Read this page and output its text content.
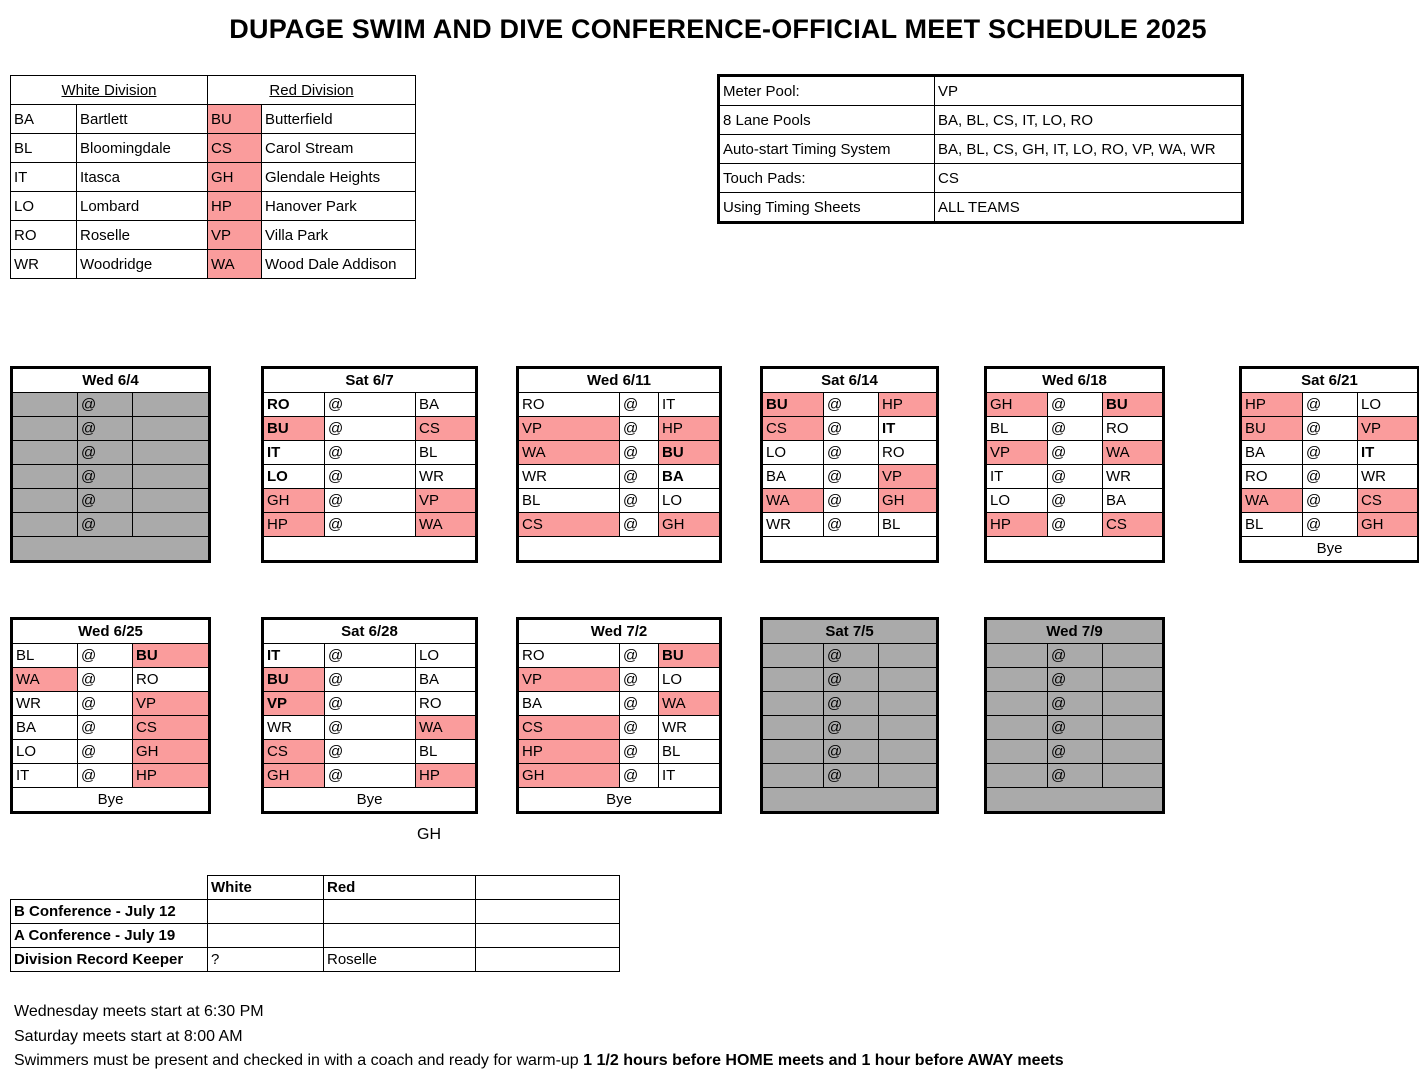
DUPAGE SWIM AND DIVE CONFERENCE-OFFICIAL MEET SCHEDULE 2025
White Division		Red Division	
BA	Bartlett	BU	Butterfield
BL	Bloomingdale	CS	Carol Stream
IT	Itasca	GH	Glendale Heights
LO	Lombard	HP	Hanover Park
RO	Roselle	VP	Villa Park
WR	Woodridge	WA	Wood Dale Addison
Meter Pool:	VP
8 Lane Pools	BA, BL, CS, IT, LO, RO
Auto-start Timing System	BA, BL, CS, GH, IT, LO, RO, VP, WA, WR
Touch Pads:	CS
Using Timing Sheets	ALL TEAMS
Wed 6/4		
	@	
	@	
	@	
	@	
	@	
	@	

Sat 6/7		
RO	@	BA
BU	@	CS
IT	@	BL
LO	@	WR
GH	@	VP
HP	@	WA

Wed 6/11		
RO	@	IT
VP	@	HP
WA	@	BU
WR	@	BA
BL	@	LO
CS	@	GH

Sat 6/14		
BU	@	HP
CS	@	IT
LO	@	RO
BA	@	VP
WA	@	GH
WR	@	BL

Wed 6/18		
GH	@	BU
BL	@	RO
VP	@	WA
IT	@	WR
LO	@	BA
HP	@	CS

Sat 6/21		
HP	@	LO
BU	@	VP
BA	@	IT
RO	@	WR
WA	@	CS
BL	@	GH
Bye		
Wed 6/25		
BL	@	BU
WA	@	RO
WR	@	VP
BA	@	CS
LO	@	GH
IT	@	HP
Bye		
Sat 6/28		
IT	@	LO
BU	@	BA
VP	@	RO
WR	@	WA
CS	@	BL
GH	@	HP
Bye		
Wed 7/2		
RO	@	BU
VP	@	LO
BA	@	WA
CS	@	WR
HP	@	BL
GH	@	IT
Bye		
Sat 7/5		
	@	
	@	
	@	
	@	
	@	
	@	

Wed 7/9		
	@	
	@	
	@	
	@	
	@	
	@	

GH
	White	Red	
B Conference - July 12			
A Conference - July 19			
Division Record Keeper	?	Roselle	
Wednesday meets start at 6:30 PM
Saturday meets start at 8:00 AM
Swimmers must be present and checked in with a coach and ready for warm-up 1 1/2 hours before HOME meets and 1 hour before AWAY meets
